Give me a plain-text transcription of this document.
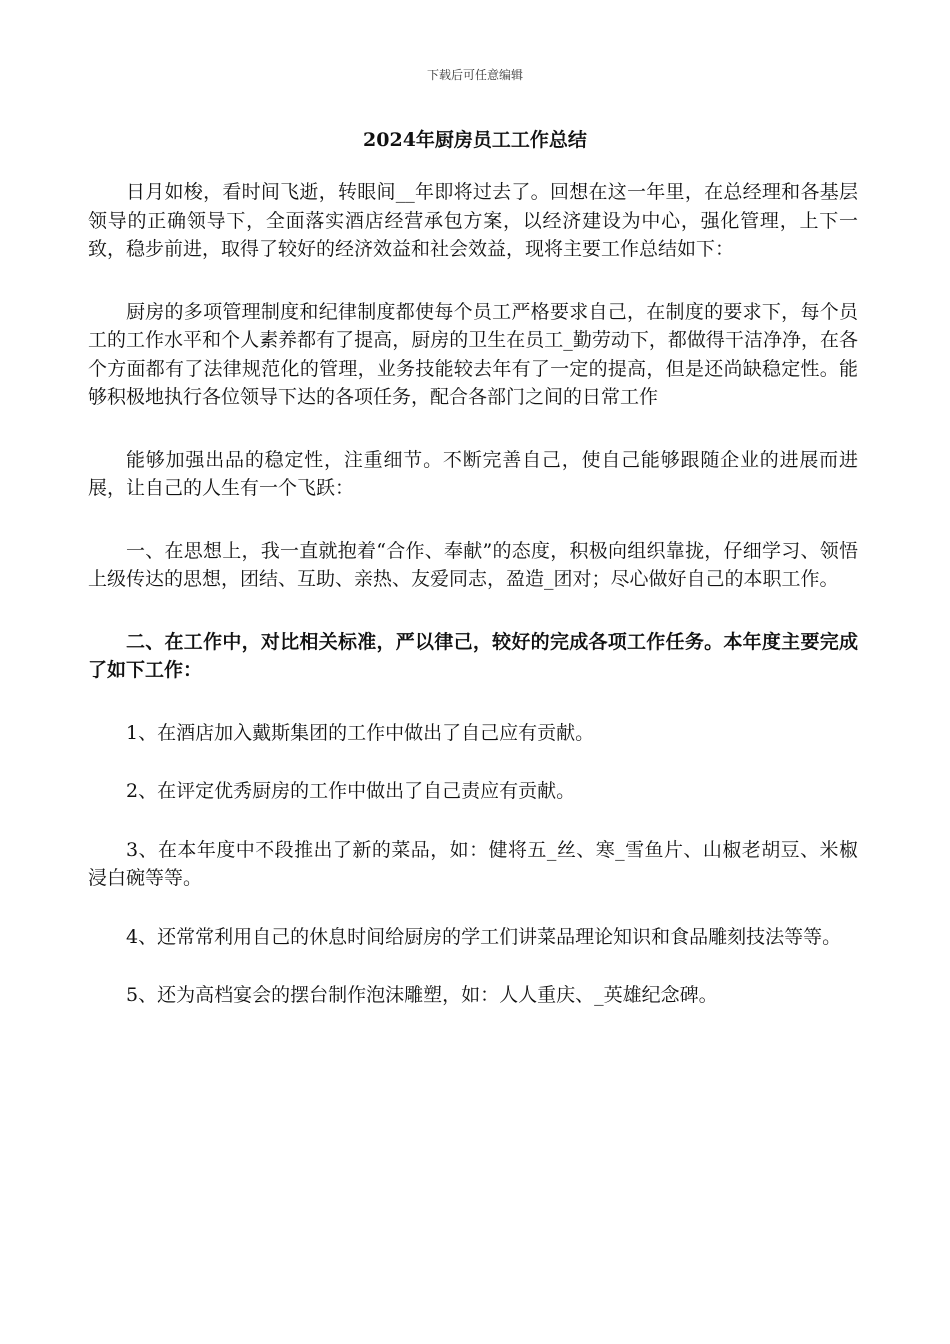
下载后可任意编辑
2024年厨房员工工作总结

日月如梭，看时间飞逝，转眼间__年即将过去了。回想在这一年里，在总经理和各基层领导的正确领导下，全面落实酒店经营承包方案，以经济建设为中心，强化管理，上下一致，稳步前进，取得了较好的经济效益和社会效益，现将主要工作总结如下：

厨房的多项管理制度和纪律制度都使每个员工严格要求自己，在制度的要求下，每个员工的工作水平和个人素养都有了提高，厨房的卫生在员工_勤劳动下，都做得干洁净净，在各个方面都有了法律规范化的管理，业务技能较去年有了一定的提高，但是还尚缺稳定性。能够积极地执行各位领导下达的各项任务，配合各部门之间的日常工作

能够加强出品的稳定性，注重细节。不断完善自己，使自己能够跟随企业的进展而进展，让自己的人生有一个飞跃：

一、在思想上，我一直就抱着“合作、奉献”的态度，积极向组织靠拢，仔细学习、领悟上级传达的思想，团结、互助、亲热、友爱同志，盈造_团对；尽心做好自己的本职工作。

二、在工作中，对比相关标准，严以律己，较好的完成各项工作任务。本年度主要完成了如下工作：

1、在酒店加入戴斯集团的工作中做出了自己应有贡献。

2、在评定优秀厨房的工作中做出了自己责应有贡献。

3、在本年度中不段推出了新的菜品，如：健将五_丝、寒_雪鱼片、山椒老胡豆、米椒浸白碗等等。

4、还常常利用自己的休息时间给厨房的学工们讲菜品理论知识和食品雕刻技法等等。

5、还为高档宴会的摆台制作泡沫雕塑，如：人人重庆、_英雄纪念碑。
